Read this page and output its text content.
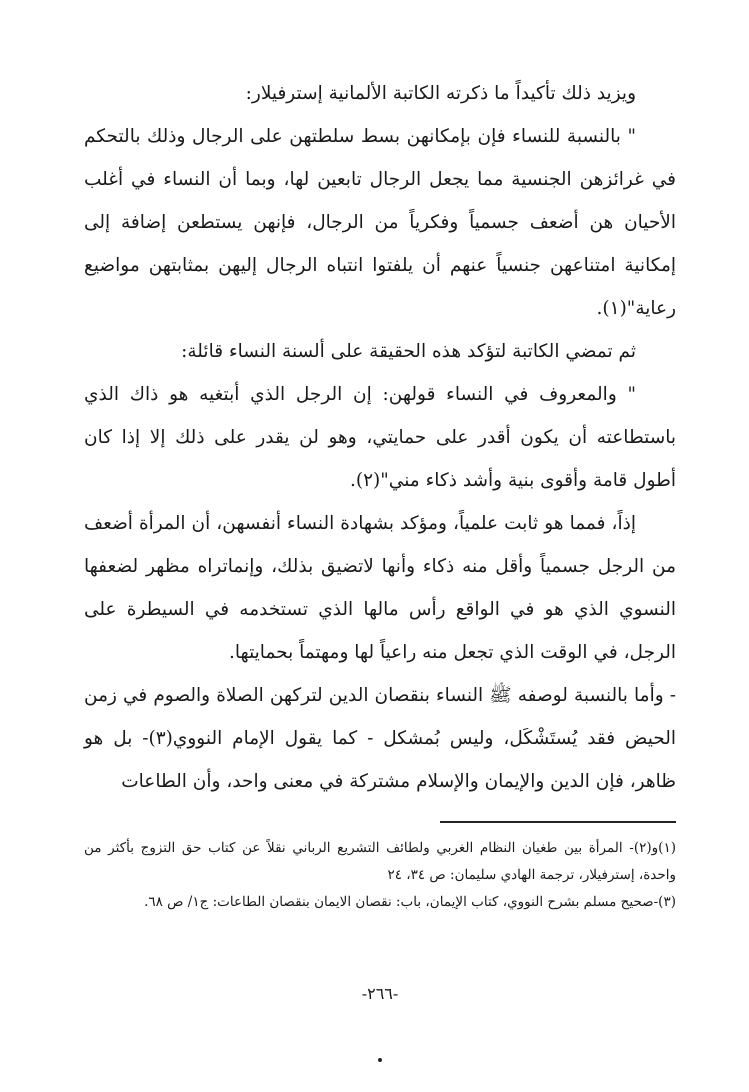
ويزيد ذلك تأكيداً ما ذكرته الكاتبة الألمانية إسترفيلار:

" بالنسبة للنساء فإن بإمكانهن بسط سلطتهن على الرجال وذلك بالتحكم في غرائزهن الجنسية مما يجعل الرجال تابعين لها، وبما أن النساء في أغلب الأحيان هن أضعف جسمياً وفكرياً من الرجال، فإنهن يستطعن إضافة إلى إمكانية امتناعهن جنسياً عنهم أن يلفتوا انتباه الرجال إليهن بمثابتهن مواضيع رعاية"(١).

ثم تمضي الكاتبة لتؤكد هذه الحقيقة على ألسنة النساء قائلة:

" والمعروف في النساء قولهن: إن الرجل الذي أبتغيه هو ذاك الذي باستطاعته أن يكون أقدر على حمايتي، وهو لن يقدر على ذلك إلا إذا كان أطول قامة وأقوى بنية وأشد ذكاء مني"(٢).

إذاً، فمما هو ثابت علمياً، ومؤكد بشهادة النساء أنفسهن، أن المرأة أضعف من الرجل جسمياً وأقل منه ذكاء وأنها لاتضيق بذلك، وإنماتراه مظهر لضعفها النسوي الذي هو في الواقع رأس مالها الذي تستخدمه في السيطرة على الرجل، في الوقت الذي تجعل منه راعياً لها ومهتماً بحمايتها.

- وأما بالنسبة لوصفه ﷺ النساء بنقصان الدين لتركهن الصلاة والصوم في زمن الحيض فقد يُستَشْكَل، وليس بُمشكل - كما يقول الإمام النووي(٣)- بل هو ظاهر، فإن الدين والإيمان والإسلام مشتركة في معنى واحد، وأن الطاعات

(١)و(٢)- المرأة بين طغيان النظام الغربي ولطائف التشريع الرباني نقلاً عن كتاب حق التزوج بأكثر من واحدة، إسترفيلار، ترجمة الهادي سليمان: ص ٣٤، ٢٤

(٣)-صحيح مسلم بشرح النووي، كتاب الإيمان، باب: نقصان الايمان بنقصان الطاعات: ج١/ ص ٦٨.

-٢٦٦-
